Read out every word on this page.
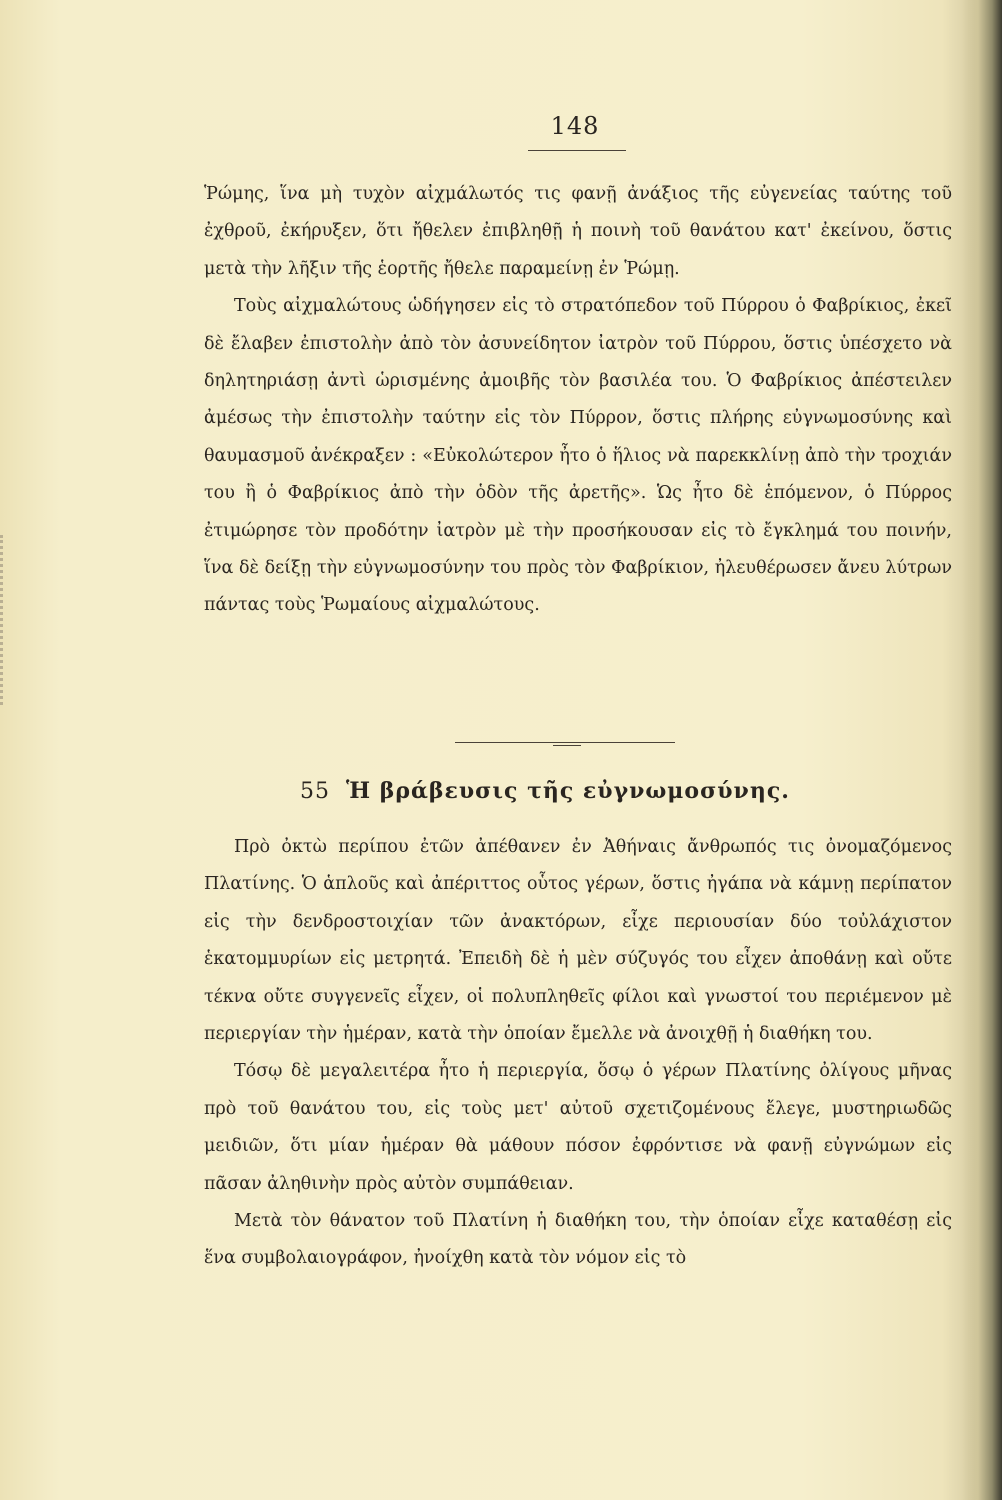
148

Ῥώμης, ἵνα μὴ τυχὸν αἰχμάλωτός τις φανῇ ἀνάξιος τῆς εὐγενείας ταύτης τοῦ ἐχθροῦ, ἐκήρυξεν, ὅτι ἤθελεν ἐπιβληθῇ ἡ ποινὴ τοῦ θανάτου κατ' ἐκείνου, ὅστις μετὰ τὴν λῆξιν τῆς ἑορτῆς ἤθελε παραμείνῃ ἐν Ῥώμῃ.

Τοὺς αἰχμαλώτους ὡδήγησεν εἰς τὸ στρατόπεδον τοῦ Πύρρου ὁ Φαβρίκιος, ἐκεῖ δὲ ἔλαβεν ἐπιστολὴν ἀπὸ τὸν ἀσυνείδητον ἰατρὸν τοῦ Πύρρου, ὅστις ὑπέσχετο νὰ δηλητηριάσῃ ἀντὶ ὡρισμένης ἀμοιβῆς τὸν βασιλέα του. Ὁ Φαβρίκιος ἀπέστειλεν ἀμέσως τὴν ἐπιστολὴν ταύτην εἰς τὸν Πύρρον, ὅστις πλήρης εὐγνωμοσύνης καὶ θαυμασμοῦ ἀνέκραξεν : «Εὐκολώτερον ἦτο ὁ ἥλιος νὰ παρεκκλίνῃ ἀπὸ τὴν τροχιάν του ἢ ὁ Φαβρίκιος ἀπὸ τὴν ὁδὸν τῆς ἀρετῆς». Ὡς ἦτο δὲ ἑπόμενον, ὁ Πύρρος ἐτιμώρησε τὸν προδότην ἰατρὸν μὲ τὴν προσήκουσαν εἰς τὸ ἔγκλημά του ποινήν, ἵνα δὲ δείξῃ τὴν εὐγνωμοσύνην του πρὸς τὸν Φαβρίκιον, ἠλευθέρωσεν ἄνευ λύτρων πάντας τοὺς Ῥωμαίους αἰχμαλώτους.

55 Ἡ βράβευσις τῆς εὐγνωμοσύνης.

Πρὸ ὀκτὼ περίπου ἐτῶν ἀπέθανεν ἐν Ἀθήναις ἄνθρωπός τις ὀνομαζόμενος Πλατίνης. Ὁ ἁπλοῦς καὶ ἀπέριττος οὗτος γέρων, ὅστις ἠγάπα νὰ κάμνῃ περίπατον εἰς τὴν δενδροστοιχίαν τῶν ἀνακτόρων, εἶχε περιουσίαν δύο τοὐλάχιστον ἑκατομμυρίων εἰς μετρητά. Ἐπειδὴ δὲ ἡ μὲν σύζυγός του εἶχεν ἀποθάνῃ καὶ οὔτε τέκνα οὔτε συγγενεῖς εἶχεν, οἱ πολυπληθεῖς φίλοι καὶ γνωστοί του περιέμενον μὲ περιεργίαν τὴν ἡμέραν, κατὰ τὴν ὁποίαν ἔμελλε νὰ ἀνοιχθῇ ἡ διαθήκη του.

Τόσῳ δὲ μεγαλειτέρα ἦτο ἡ περιεργία, ὅσῳ ὁ γέρων Πλατίνης ὀλίγους μῆνας πρὸ τοῦ θανάτου του, εἰς τοὺς μετ' αὐτοῦ σχετιζομένους ἔλεγε, μυστηριωδῶς μειδιῶν, ὅτι μίαν ἡμέραν θὰ μάθουν πόσον ἐφρόντισε νὰ φανῇ εὐγνώμων εἰς πᾶσαν ἀληθινὴν πρὸς αὐτὸν συμπάθειαν.

Μετὰ τὸν θάνατον τοῦ Πλατίνη ἡ διαθήκη του, τὴν ὁποίαν εἶχε καταθέσῃ εἰς ἕνα συμβολαιογράφον, ἠνοίχθη κατὰ τὸν νόμον εἰς τὸ
